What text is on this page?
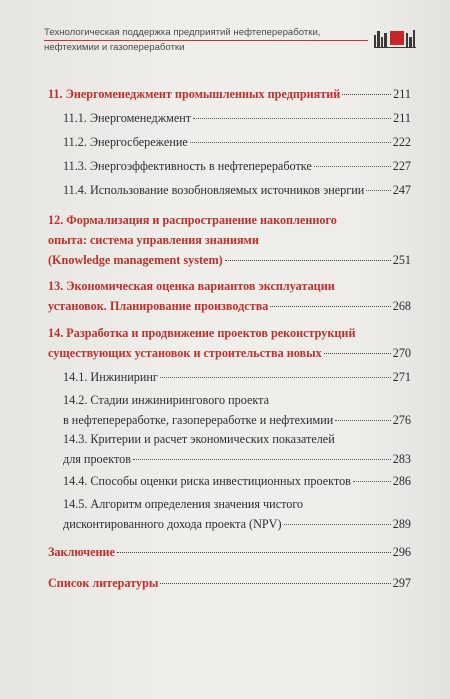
Технологическая поддержка предприятий нефтепереработки,
нефтехимии и газопереработки
11. Энергоменеджмент промышленных предприятий	211
11.1. Энергоменеджмент	211
11.2. Энергосбережение	222
11.3. Энергоэффективность в нефтепереработке	227
11.4. Использование возобновляемых источников энергии 247
12. Формализация и распространение накопленного
опыта: система управления знаниями
(Knowledge management system)	251
13. Экономическая оценка вариантов эксплуатации
установок. Планирование производства	268
14. Разработка и продвижение проектов реконструкций
существующих установок и строительства новых	270
14.1. Инжиниринг	271
14.2. Стадии инжинирингового проекта
в нефтепереработке, газопереработке и нефтехимии	276
14.3. Критерии и расчет экономических показателей
для проектов	283
14.4. Способы оценки риска инвестиционных проектов	286
14.5. Алгоритм определения значения чистого
дисконтированного дохода проекта (NPV)	289
Заключение	296
Список литературы	297
